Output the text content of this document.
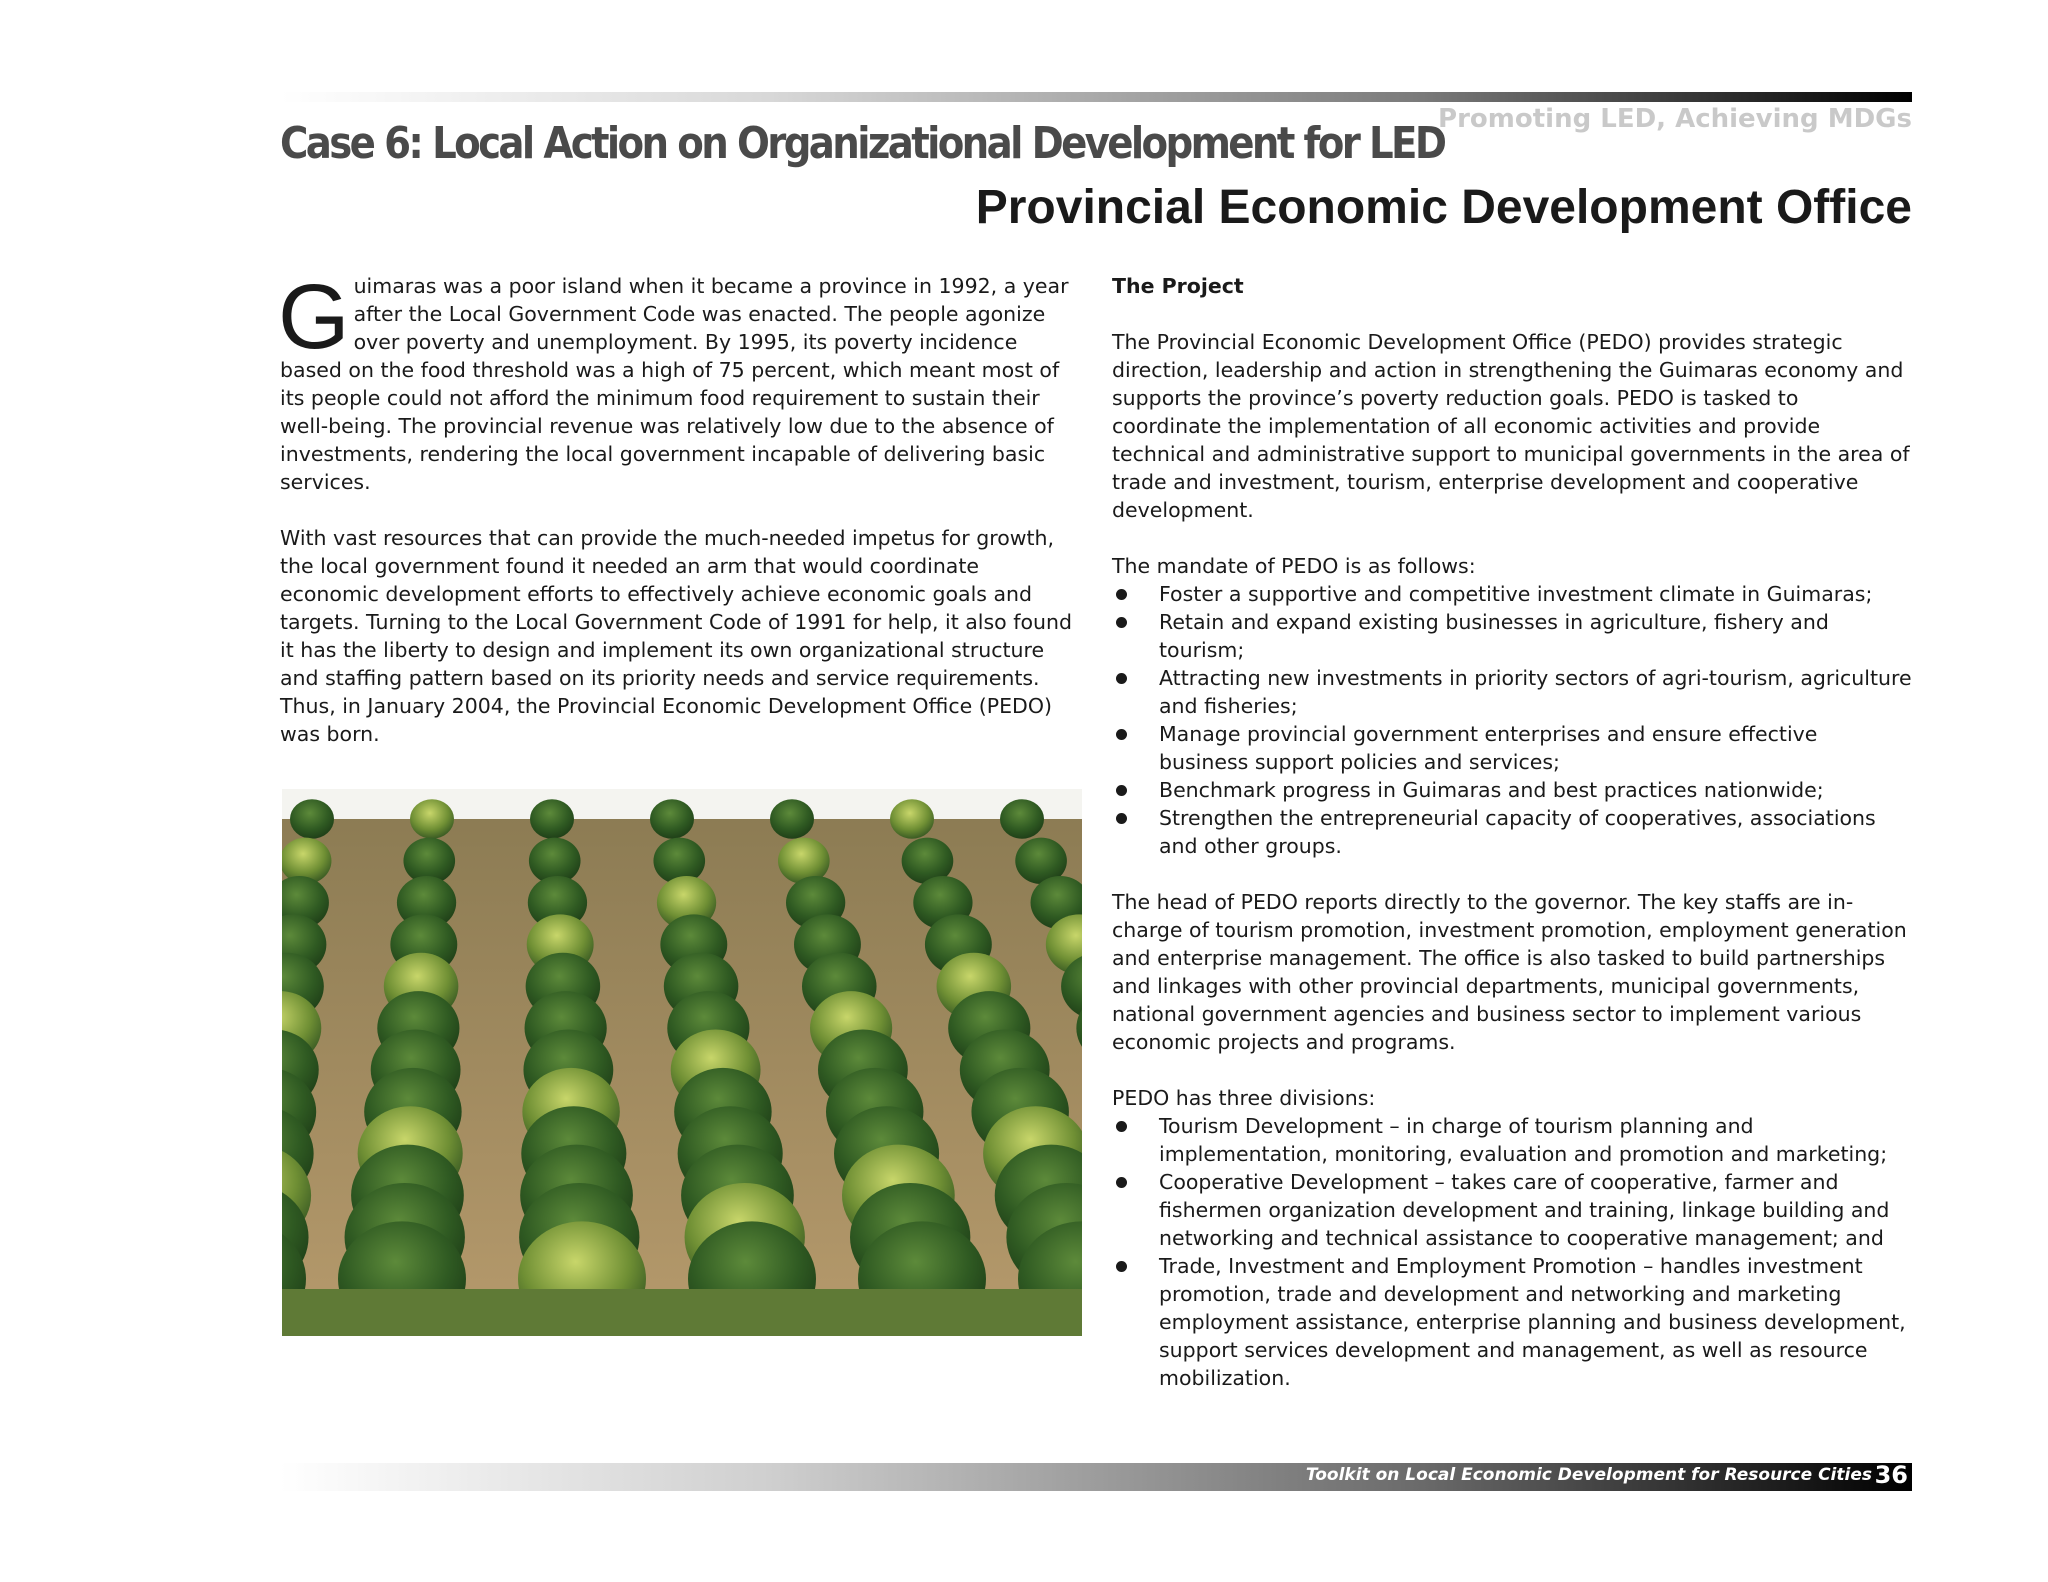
Promoting LED, Achieving MDGs
Case 6: Local Action on Organizational Development for LED
Provincial Economic Development Office

Guimaras was a poor island when it became a province in 1992, a year after the Local Government Code was enacted. The people agonize over poverty and unemployment. By 1995, its poverty incidence based on the food threshold was a high of 75 percent, which meant most of its people could not afford the minimum food requirement to sustain their well-being. The provincial revenue was relatively low due to the absence of investments, rendering the local government incapable of delivering basic services.

With vast resources that can provide the much-needed impetus for growth, the local government found it needed an arm that would coordinate economic development efforts to effectively achieve economic goals and targets. Turning to the Local Government Code of 1991 for help, it also found it has the liberty to design and implement its own organizational structure and staffing pattern based on its priority needs and service requirements. Thus, in January 2004, the Provincial Economic Development Office (PEDO) was born.

The Project

The Provincial Economic Development Office (PEDO) provides strategic direction, leadership and action in strengthening the Guimaras economy and supports the province’s poverty reduction goals. PEDO is tasked to coordinate the implementation of all economic activities and provide technical and administrative support to municipal governments in the area of trade and investment, tourism, enterprise development and cooperative development.

The mandate of PEDO is as follows:
Foster a supportive and competitive investment climate in Guimaras;
Retain and expand existing businesses in agriculture, fishery and tourism;
Attracting new investments in priority sectors of agri-tourism, agriculture and fisheries;
Manage provincial government enterprises and ensure effective business support policies and services;
Benchmark progress in Guimaras and best practices nationwide;
Strengthen the entrepreneurial capacity of cooperatives, associations and other groups.

The head of PEDO reports directly to the governor. The key staffs are in-charge of tourism promotion, investment promotion, employment generation and enterprise management. The office is also tasked to build partnerships and linkages with other provincial departments, municipal governments, national government agencies and business sector to implement various economic projects and programs.

PEDO has three divisions:
Tourism Development – in charge of tourism planning and implementation, monitoring, evaluation and promotion and marketing;
Cooperative Development – takes care of cooperative, farmer and fishermen organization development and training, linkage building and networking and technical assistance to cooperative management; and
Trade, Investment and Employment Promotion – handles investment promotion, trade and development and networking and marketing employment assistance, enterprise planning and business development, support services development and management, as well as resource mobilization.
Toolkit on Local Economic Development for Resource Cities 36
